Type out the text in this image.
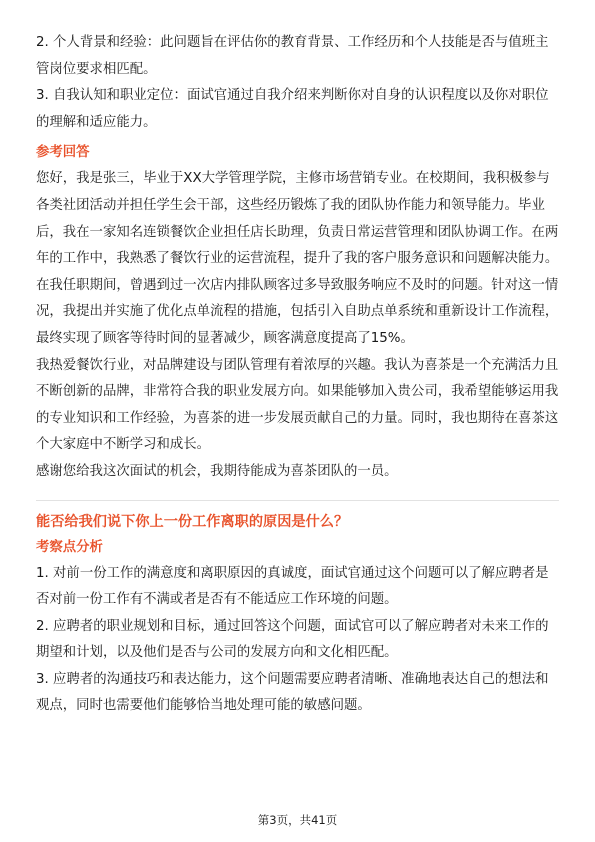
2. 个人背景和经验：此问题旨在评估你的教育背景、工作经历和个人技能是否与值班主管岗位要求相匹配。

3. 自我认知和职业定位：面试官通过自我介绍来判断你对自身的认识程度以及你对职位的理解和适应能力。

参考回答

您好，我是张三，毕业于XX大学管理学院，主修市场营销专业。在校期间，我积极参与各类社团活动并担任学生会干部，这些经历锻炼了我的团队协作能力和领导能力。毕业后，我在一家知名连锁餐饮企业担任店长助理，负责日常运营管理和团队协调工作。在两年的工作中，我熟悉了餐饮行业的运营流程，提升了我的客户服务意识和问题解决能力。

在我任职期间，曾遇到过一次店内排队顾客过多导致服务响应不及时的问题。针对这一情况，我提出并实施了优化点单流程的措施，包括引入自助点单系统和重新设计工作流程，最终实现了顾客等待时间的显著减少，顾客满意度提高了15%。

我热爱餐饮行业，对品牌建设与团队管理有着浓厚的兴趣。我认为喜茶是一个充满活力且不断创新的品牌，非常符合我的职业发展方向。如果能够加入贵公司，我希望能够运用我的专业知识和工作经验，为喜茶的进一步发展贡献自己的力量。同时，我也期待在喜茶这个大家庭中不断学习和成长。

感谢您给我这次面试的机会，我期待能成为喜茶团队的一员。

能否给我们说下你上一份工作离职的原因是什么？

考察点分析

1. 对前一份工作的满意度和离职原因的真诚度，面试官通过这个问题可以了解应聘者是否对前一份工作有不满或者是否有不能适应工作环境的问题。

2. 应聘者的职业规划和目标，通过回答这个问题，面试官可以了解应聘者对未来工作的期望和计划，以及他们是否与公司的发展方向和文化相匹配。

3. 应聘者的沟通技巧和表达能力，这个问题需要应聘者清晰、准确地表达自己的想法和观点，同时也需要他们能够恰当地处理可能的敏感问题。

第3页，共41页
